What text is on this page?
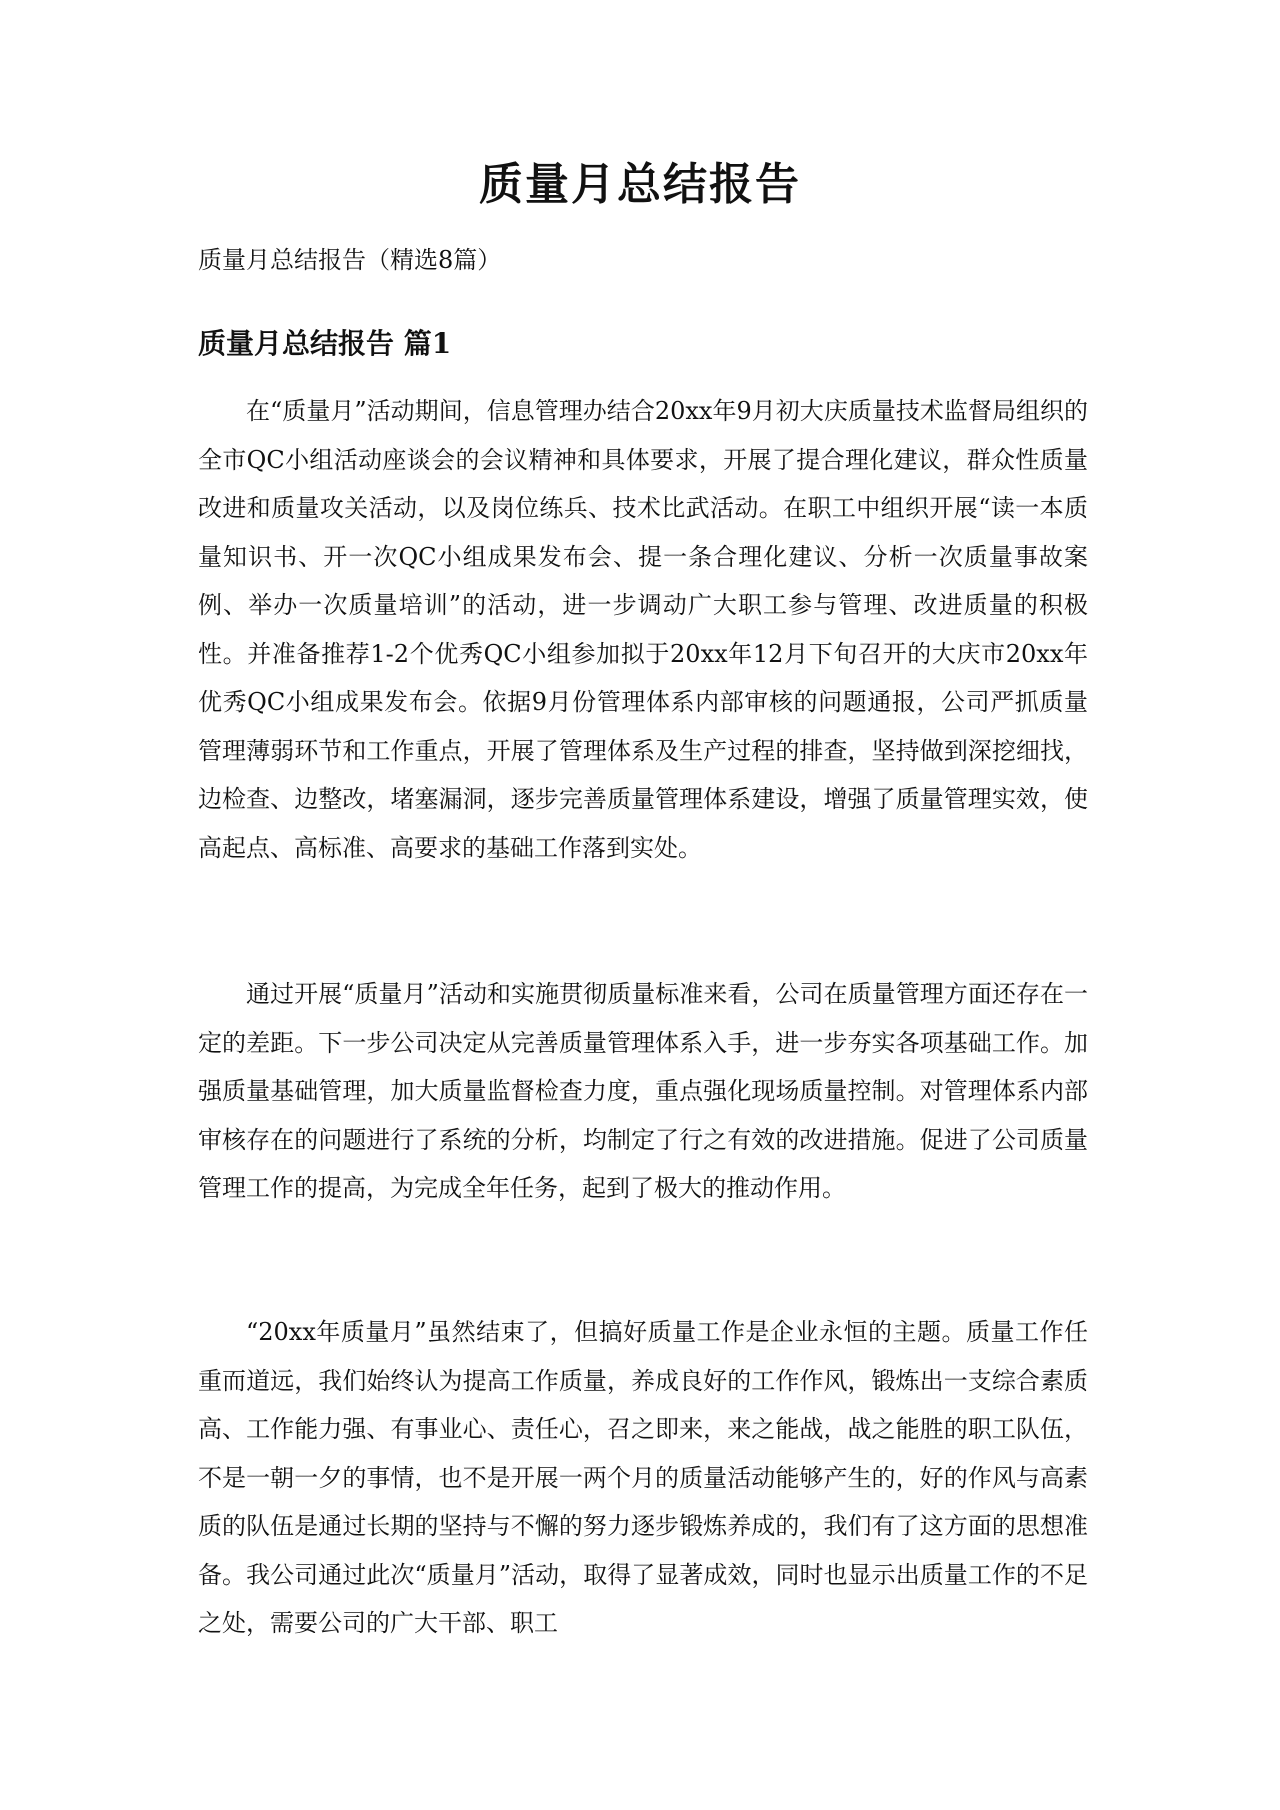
质量月总结报告

质量月总结报告（精选8篇）

质量月总结报告 篇1

在“质量月”活动期间，信息管理办结合20xx年9月初大庆质量技术监督局组织的全市QC小组活动座谈会的会议精神和具体要求，开展了提合理化建议，群众性质量改进和质量攻关活动，以及岗位练兵、技术比武活动。在职工中组织开展“读一本质量知识书、开一次QC小组成果发布会、提一条合理化建议、分析一次质量事故案例、举办一次质量培训”的活动，进一步调动广大职工参与管理、改进质量的积极性。并准备推荐1-2个优秀QC小组参加拟于20xx年12月下旬召开的大庆市20xx年优秀QC小组成果发布会。依据9月份管理体系内部审核的问题通报，公司严抓质量管理薄弱环节和工作重点，开展了管理体系及生产过程的排查，坚持做到深挖细找，边检查、边整改，堵塞漏洞，逐步完善质量管理体系建设，增强了质量管理实效，使高起点、高标准、高要求的基础工作落到实处。

通过开展“质量月”活动和实施贯彻质量标准来看，公司在质量管理方面还存在一定的差距。下一步公司决定从完善质量管理体系入手，进一步夯实各项基础工作。加强质量基础管理，加大质量监督检查力度，重点强化现场质量控制。对管理体系内部审核存在的问题进行了系统的分析，均制定了行之有效的改进措施。促进了公司质量管理工作的提高，为完成全年任务，起到了极大的推动作用。

“20xx年质量月”虽然结束了，但搞好质量工作是企业永恒的主题。质量工作任重而道远，我们始终认为提高工作质量，养成良好的工作作风，锻炼出一支综合素质高、工作能力强、有事业心、责任心，召之即来，来之能战，战之能胜的职工队伍，不是一朝一夕的事情，也不是开展一两个月的质量活动能够产生的，好的作风与高素质的队伍是通过长期的坚持与不懈的努力逐步锻炼养成的，我们有了这方面的思想准备。我公司通过此次“质量月”活动，取得了显著成效，同时也显示出质量工作的不足之处，需要公司的广大干部、职工
